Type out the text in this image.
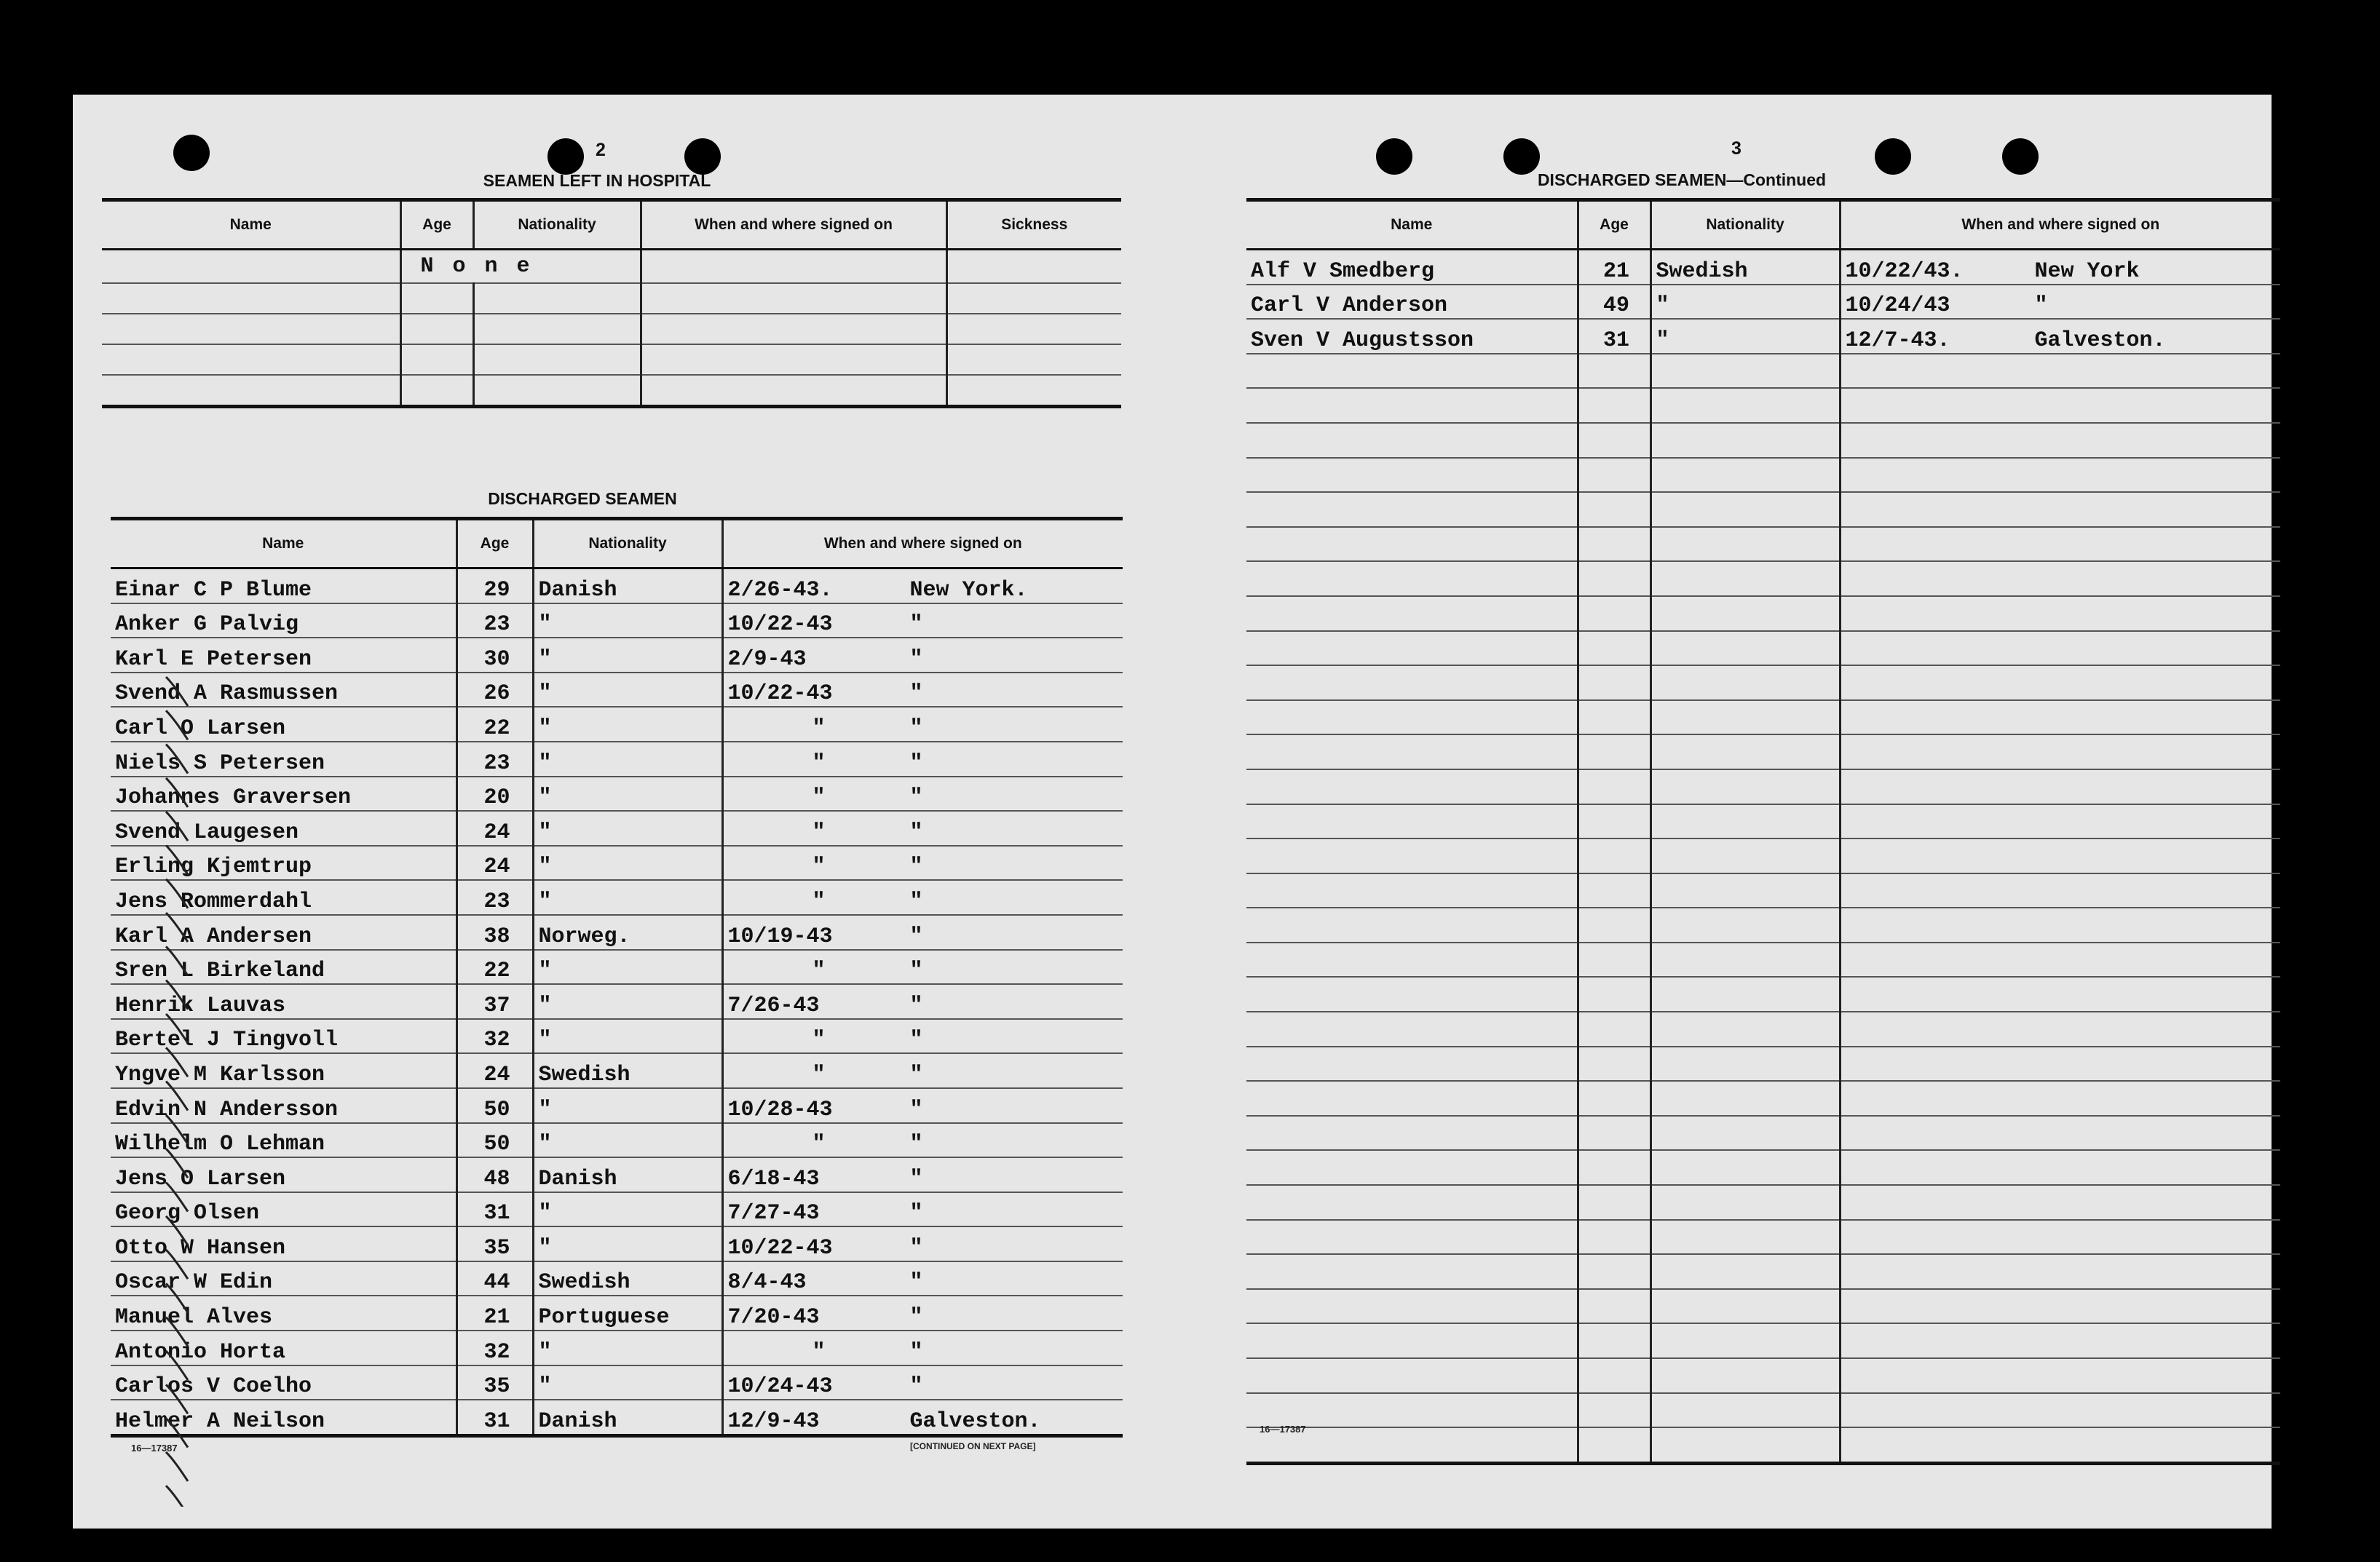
2
SEAMEN LEFT IN HOSPITAL
Name	Age	Nationality	When and where signed on	Sickness
	N o n e			

DISCHARGED SEAMEN
Name	Age	Nationality	When and where signed on
Einar C P Blume	29	Danish	2/26-43. New York.
Anker G Palvig	23	"	10/22-43 "
Karl E Petersen	30	"	2/9-43 "
Svend A Rasmussen	26	"	10/22-43 "
Carl O Larsen	22	"	" "
Niels S Petersen	23	"	" "
Johannes Graversen	20	"	" "
Svend Laugesen	24	"	" "
Erling Kjemtrup	24	"	" "
Jens Rommerdahl	23	"	" "
Karl A Andersen	38	Norweg.	10/19-43 "
Sren L Birkeland	22	"	" "
Henrik Lauvas	37	"	7/26-43 "
Bertel J Tingvoll	32	"	" "
Yngve M Karlsson	24	Swedish	" "
Edvin N Andersson	50	"	10/28-43 "
Wilhelm O Lehman	50	"	" "
Jens O Larsen	48	Danish	6/18-43 "
Georg Olsen	31	"	7/27-43 "
Otto W Hansen	35	"	10/22-43 "
Oscar W Edin	44	Swedish	8/4-43 "
Manuel Alves	21	Portuguese	7/20-43 "
Antonio Horta	32	"	" "
Carlos V Coelho	35	"	10/24-43 "
Helmer A Neilson	31	Danish	12/9-43 Galveston.
16—17387	[CONTINUED ON NEXT PAGE]
3
DISCHARGED SEAMEN—Continued
Name	Age	Nationality	When and where signed on
Alf V Smedberg	21	Swedish	10/22/43. New York
Carl V Anderson	49	"	10/24/43 "
Sven V Augustsson	31	"	12/7-43. Galveston.

16—17387
